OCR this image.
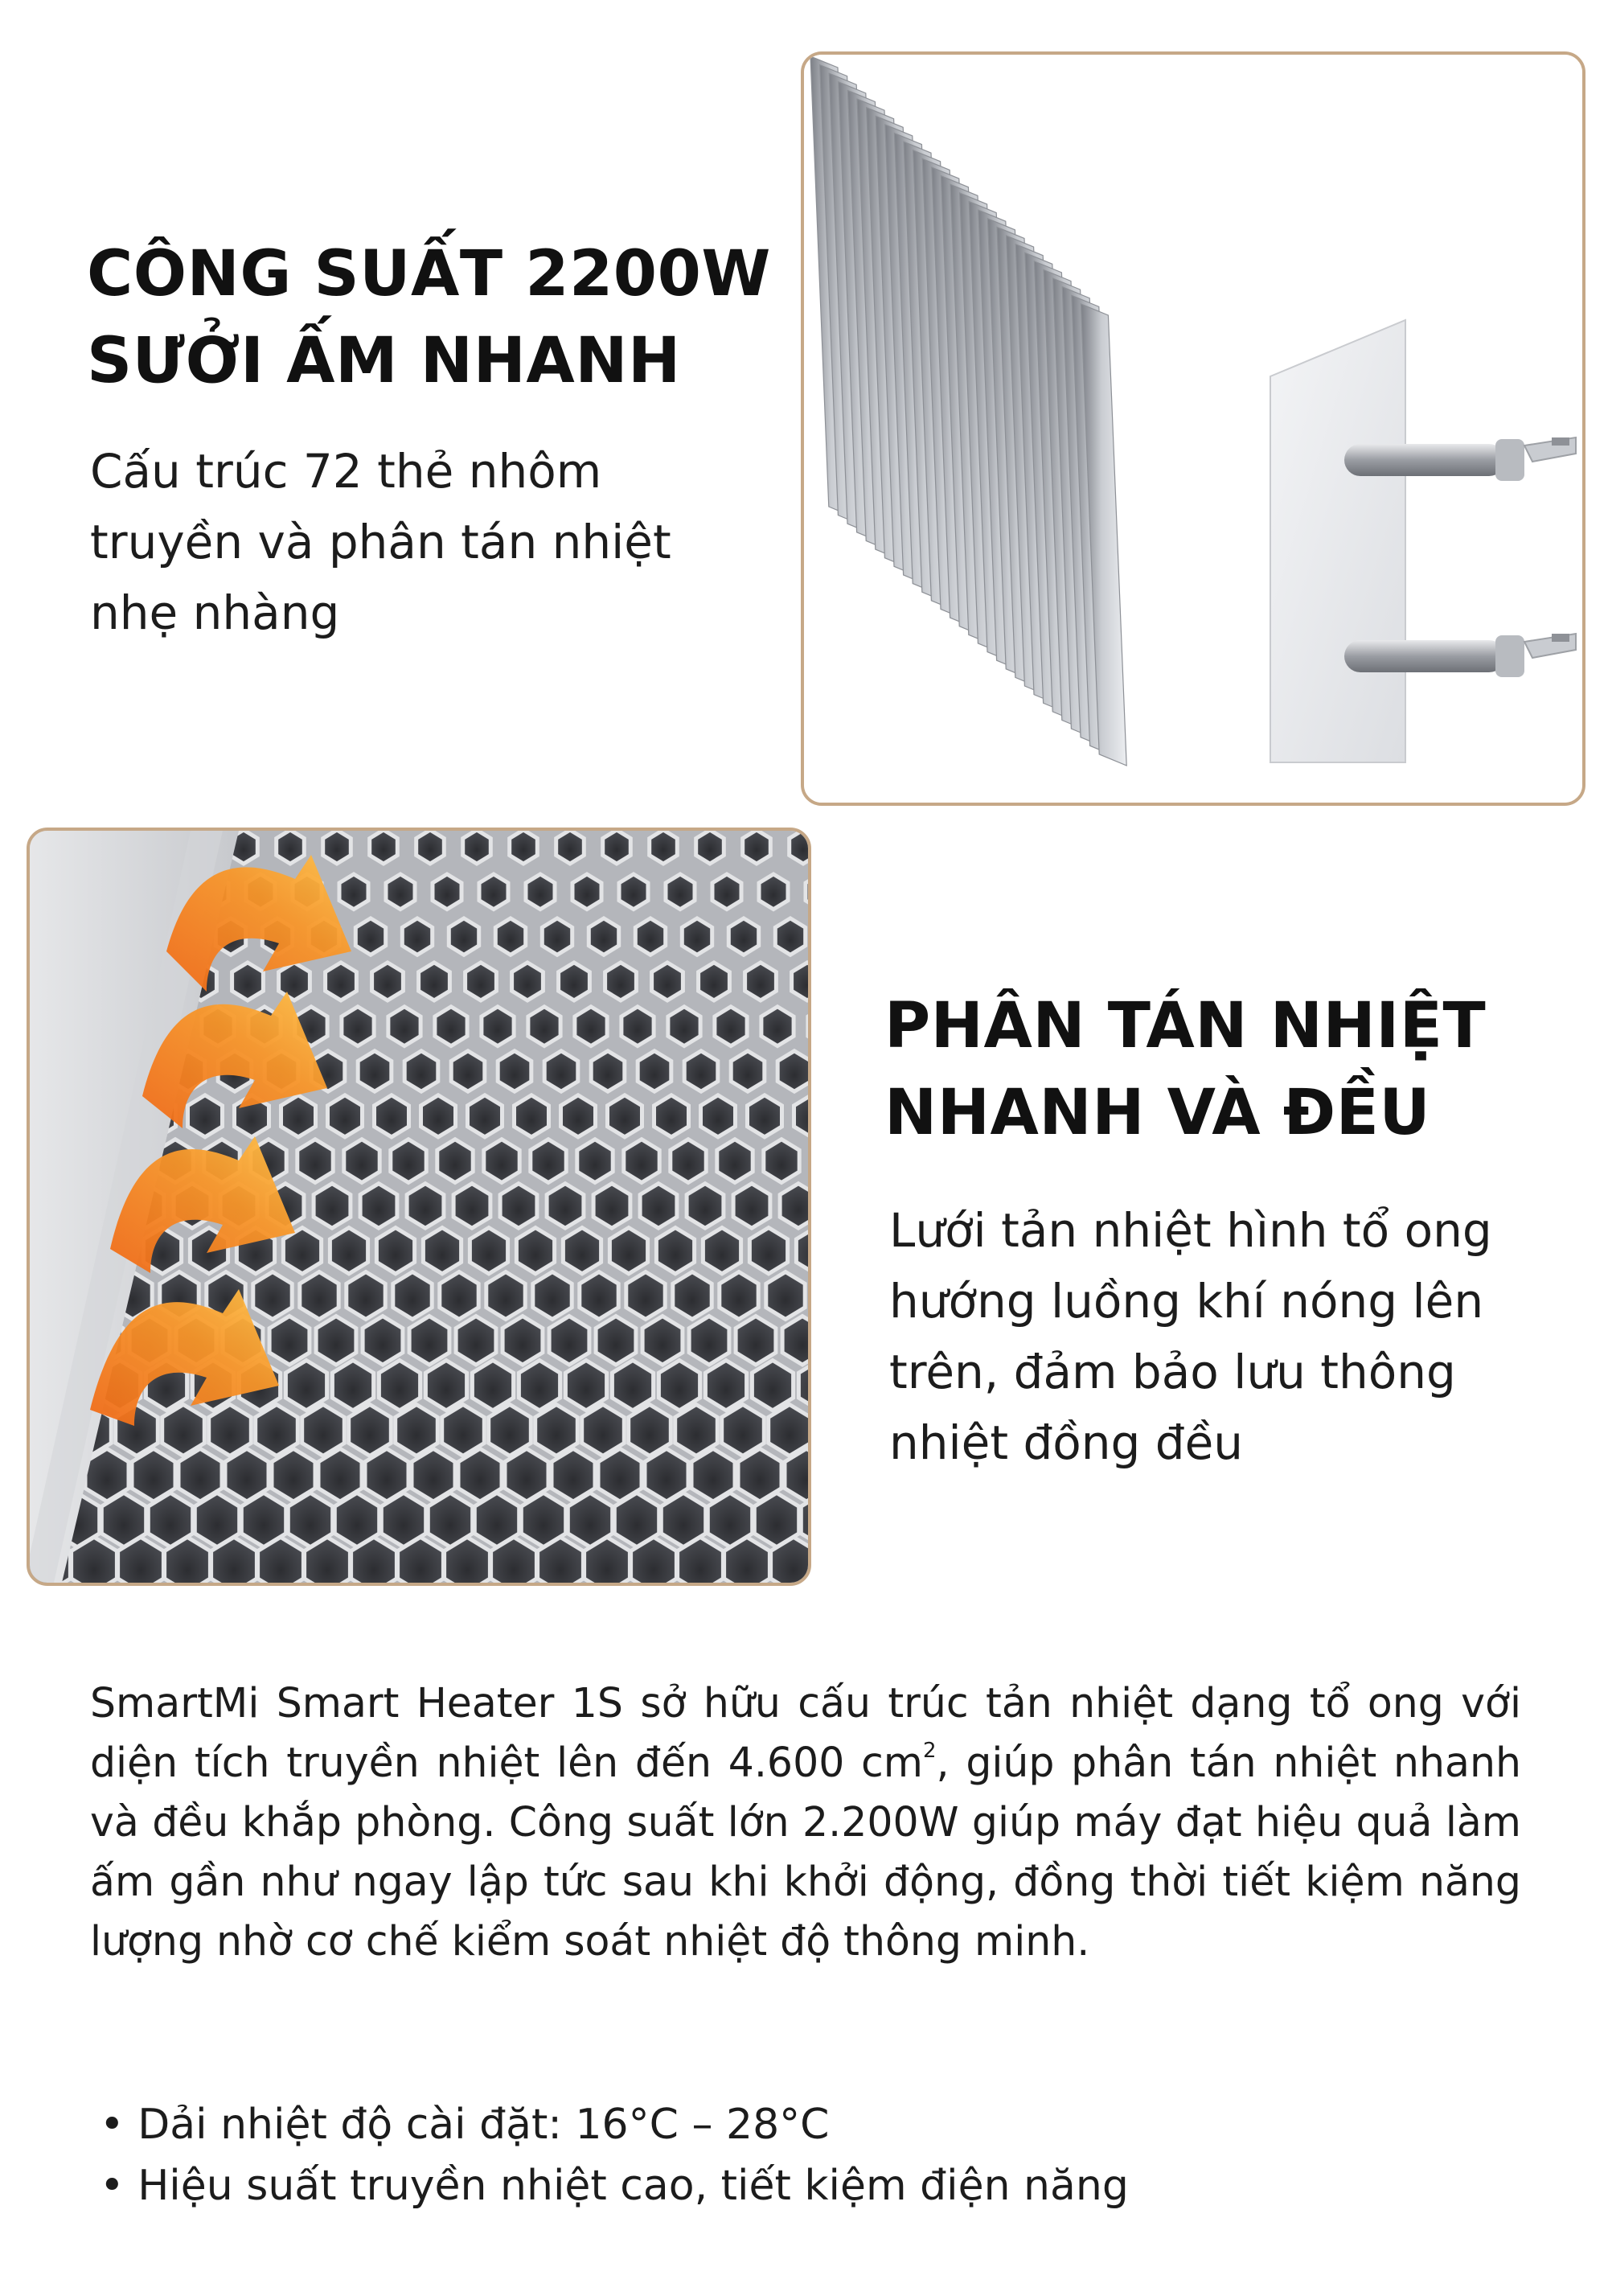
CÔNG SUẤT 2200W
SƯỞI ẤM NHANH
Cấu trúc 72 thẻ nhôm
truyền và phân tán nhiệt
nhẹ nhàng
PHÂN TÁN NHIỆT
NHANH VÀ ĐỀU
Lưới tản nhiệt hình tổ ong
hướng luồng khí nóng lên
trên, đảm bảo lưu thông
nhiệt đồng đều

SmartMi Smart Heater 1S sở hữu cấu trúc tản nhiệt dạng tổ ong với diện tích truyền nhiệt lên đến 4.600 $cm^2$, giúp phân tán nhiệt nhanh và đều khắp phòng. Công suất lớn 2.200W giúp máy đạt hiệu quả làm ấm gần như ngay lập tức sau khi khởi động, đồng thời tiết kiệm năng lượng nhờ cơ chế kiểm soát nhiệt độ thông minh.

• Dải nhiệt độ cài đặt: 16°C – 28°C
• Hiệu suất truyền nhiệt cao, tiết kiệm điện năng
